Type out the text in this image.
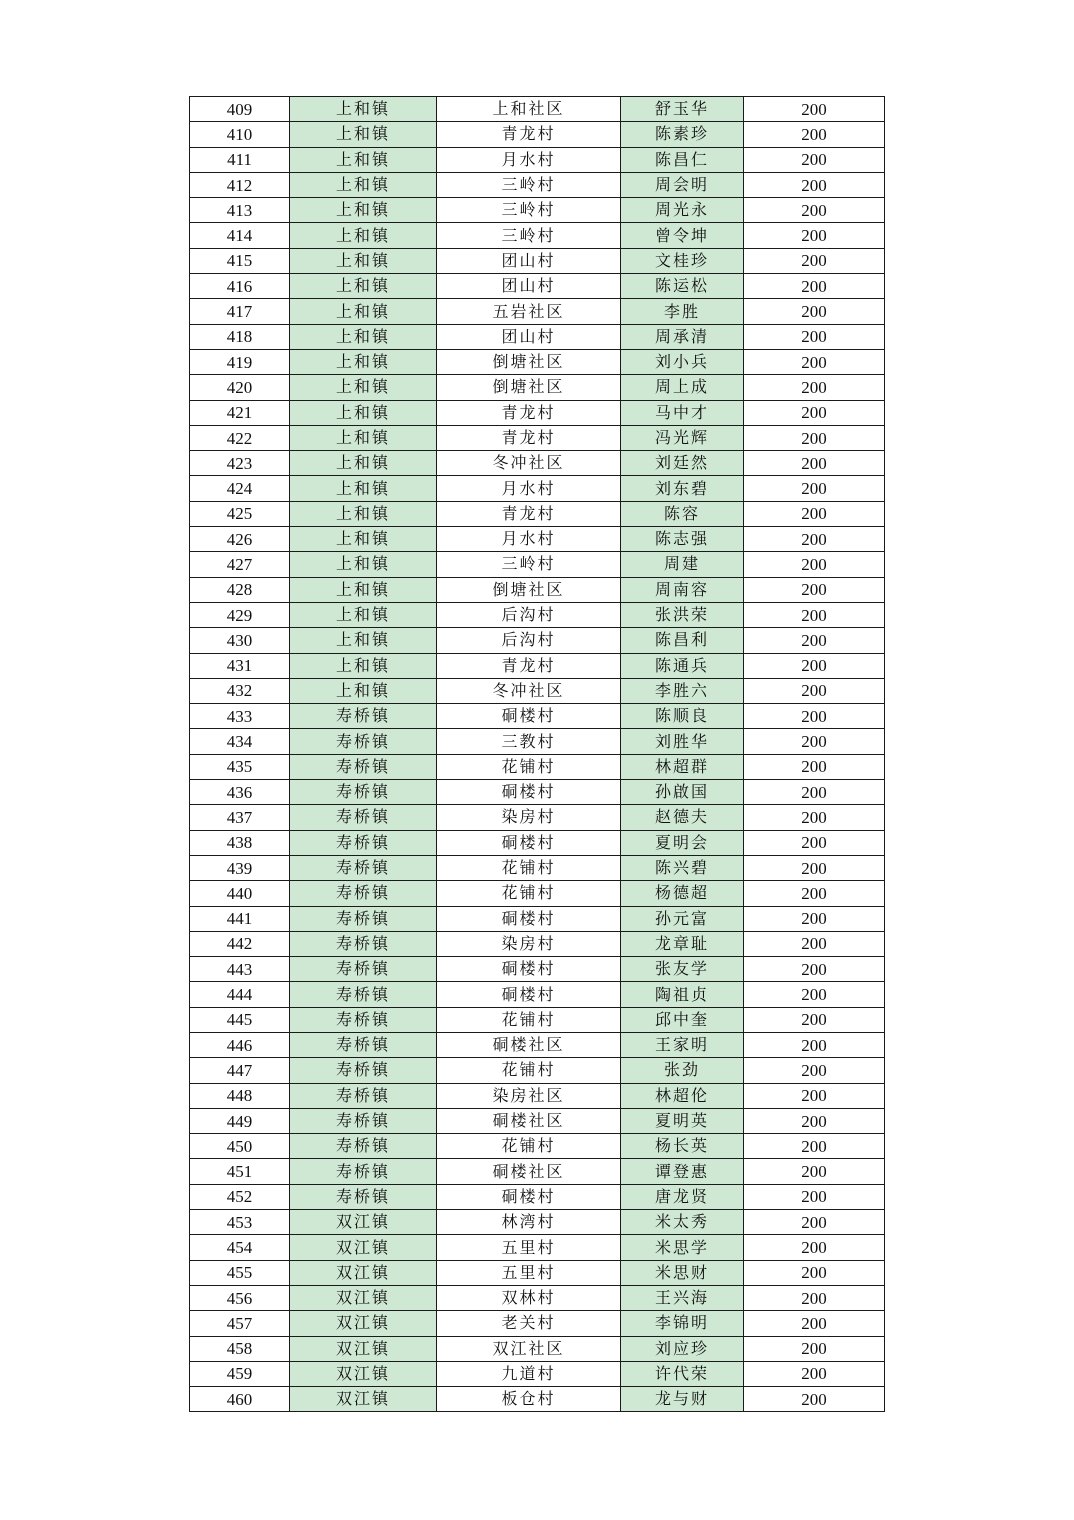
409	上和镇	上和社区	舒玉华	200
410	上和镇	青龙村	陈素珍	200
411	上和镇	月水村	陈昌仁	200
412	上和镇	三岭村	周会明	200
413	上和镇	三岭村	周光永	200
414	上和镇	三岭村	曾令坤	200
415	上和镇	团山村	文桂珍	200
416	上和镇	团山村	陈运松	200
417	上和镇	五岩社区	李胜	200
418	上和镇	团山村	周承清	200
419	上和镇	倒塘社区	刘小兵	200
420	上和镇	倒塘社区	周上成	200
421	上和镇	青龙村	马中才	200
422	上和镇	青龙村	冯光辉	200
423	上和镇	冬冲社区	刘廷然	200
424	上和镇	月水村	刘东碧	200
425	上和镇	青龙村	陈容	200
426	上和镇	月水村	陈志强	200
427	上和镇	三岭村	周建	200
428	上和镇	倒塘社区	周南容	200
429	上和镇	后沟村	张洪荣	200
430	上和镇	后沟村	陈昌利	200
431	上和镇	青龙村	陈通兵	200
432	上和镇	冬冲社区	李胜六	200
433	寿桥镇	硐楼村	陈顺良	200
434	寿桥镇	三教村	刘胜华	200
435	寿桥镇	花铺村	林超群	200
436	寿桥镇	硐楼村	孙啟国	200
437	寿桥镇	染房村	赵德夫	200
438	寿桥镇	硐楼村	夏明会	200
439	寿桥镇	花铺村	陈兴碧	200
440	寿桥镇	花铺村	杨德超	200
441	寿桥镇	硐楼村	孙元富	200
442	寿桥镇	染房村	龙章耻	200
443	寿桥镇	硐楼村	张友学	200
444	寿桥镇	硐楼村	陶祖贞	200
445	寿桥镇	花铺村	邱中奎	200
446	寿桥镇	硐楼社区	王家明	200
447	寿桥镇	花铺村	张劲	200
448	寿桥镇	染房社区	林超伦	200
449	寿桥镇	硐楼社区	夏明英	200
450	寿桥镇	花铺村	杨长英	200
451	寿桥镇	硐楼社区	谭登惠	200
452	寿桥镇	硐楼村	唐龙贤	200
453	双江镇	林湾村	米太秀	200
454	双江镇	五里村	米思学	200
455	双江镇	五里村	米思财	200
456	双江镇	双林村	王兴海	200
457	双江镇	老关村	李锦明	200
458	双江镇	双江社区	刘应珍	200
459	双江镇	九道村	许代荣	200
460	双江镇	板仓村	龙与财	200
